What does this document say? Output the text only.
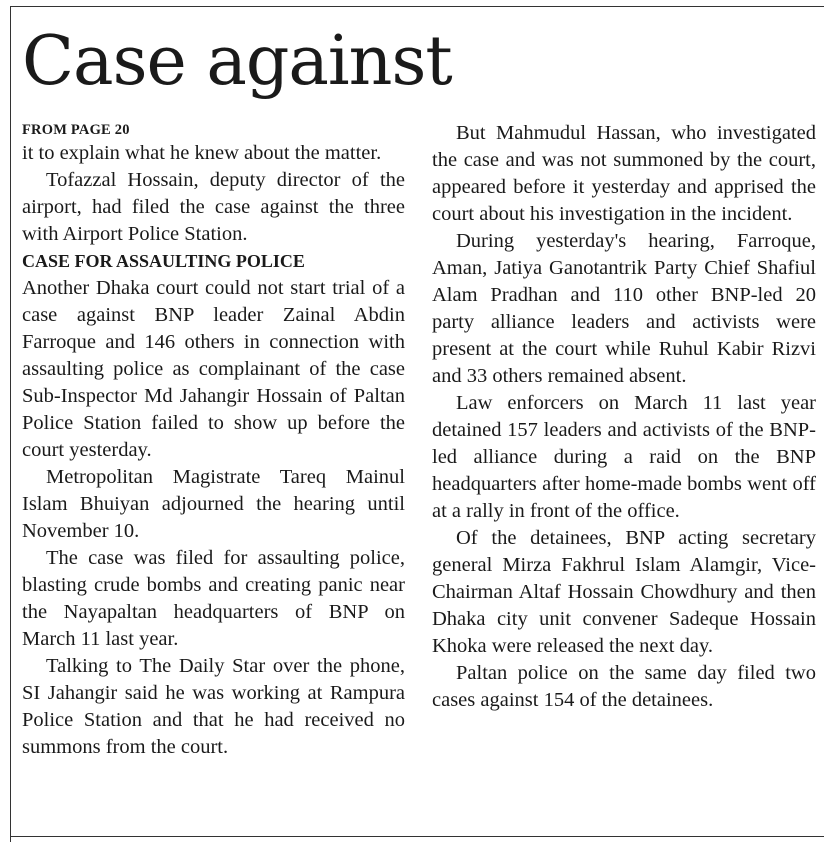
Case against
FROM PAGE 20

it to explain what he knew about the matter.

Tofazzal Hossain, deputy director of the airport, had filed the case against the three with Airport Police Station.

CASE FOR ASSAULTING POLICE

Another Dhaka court could not start trial of a case against BNP leader Zainal Abdin Farroque and 146 others in connection with assaulting police as complainant of the case Sub-Inspector Md Jahangir Hossain of Paltan Police Station failed to show up before the court yesterday.

Metropolitan Magistrate Tareq Mainul Islam Bhuiyan adjourned the hearing until November 10.

The case was filed for assaulting police, blasting crude bombs and creating panic near the Nayapaltan headquarters of BNP on March 11 last year.

Talking to The Daily Star over the phone, SI Jahangir said he was working at Rampura Police Station and that he had received no summons from the court.

But Mahmudul Hassan, who investigated the case and was not summoned by the court, appeared before it yesterday and apprised the court about his investigation in the incident.

During yesterday's hearing, Farroque, Aman, Jatiya Ganotantrik Party Chief Shafiul Alam Pradhan and 110 other BNP-led 20 party alliance leaders and activists were present at the court while Ruhul Kabir Rizvi and 33 others remained absent.

Law enforcers on March 11 last year detained 157 leaders and activists of the BNP-led alliance during a raid on the BNP headquarters after home-made bombs went off at a rally in front of the office.

Of the detainees, BNP acting secretary general Mirza Fakhrul Islam Alamgir, Vice-Chairman Altaf Hossain Chowdhury and then Dhaka city unit convener Sadeque Hossain Khoka were released the next day.

Paltan police on the same day filed two cases against 154 of the detainees.
